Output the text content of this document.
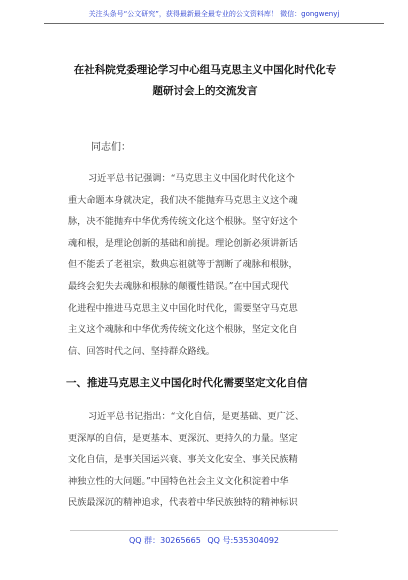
关注头条号“公文研究”，获得最新最全最专业的公文资料库！ 微信：gongwenyj
在社科院党委理论学习中心组马克思主义中国化时代化专
题研讨会上的交流发言
同志们：
习近平总书记强调：“马克思主义中国化时代化这个
重大命题本身就决定，我们决不能抛弃马克思主义这个魂
脉，决不能抛弃中华优秀传统文化这个根脉。坚守好这个
魂和根，是理论创新的基础和前提。理论创新必须讲新话
但不能丢了老祖宗，数典忘祖就等于割断了魂脉和根脉，
最终会犯失去魂脉和根脉的颠覆性错误。”在中国式现代
化进程中推进马克思主义中国化时代化，需要坚守马克思
主义这个魂脉和中华优秀传统文化这个根脉，坚定文化自
信、回答时代之问、坚持群众路线。
一、推进马克思主义中国化时代化需要坚定文化自信
习近平总书记指出：“文化自信，是更基础、更广泛、
更深厚的自信，是更基本、更深沉、更持久的力量。坚定
文化自信，是事关国运兴衰、事关文化安全、事关民族精
神独立性的大问题。”中国特色社会主义文化积淀着中华
民族最深沉的精神追求，代表着中华民族独特的精神标识
QQ 群：30265665 QQ 号:535304092
